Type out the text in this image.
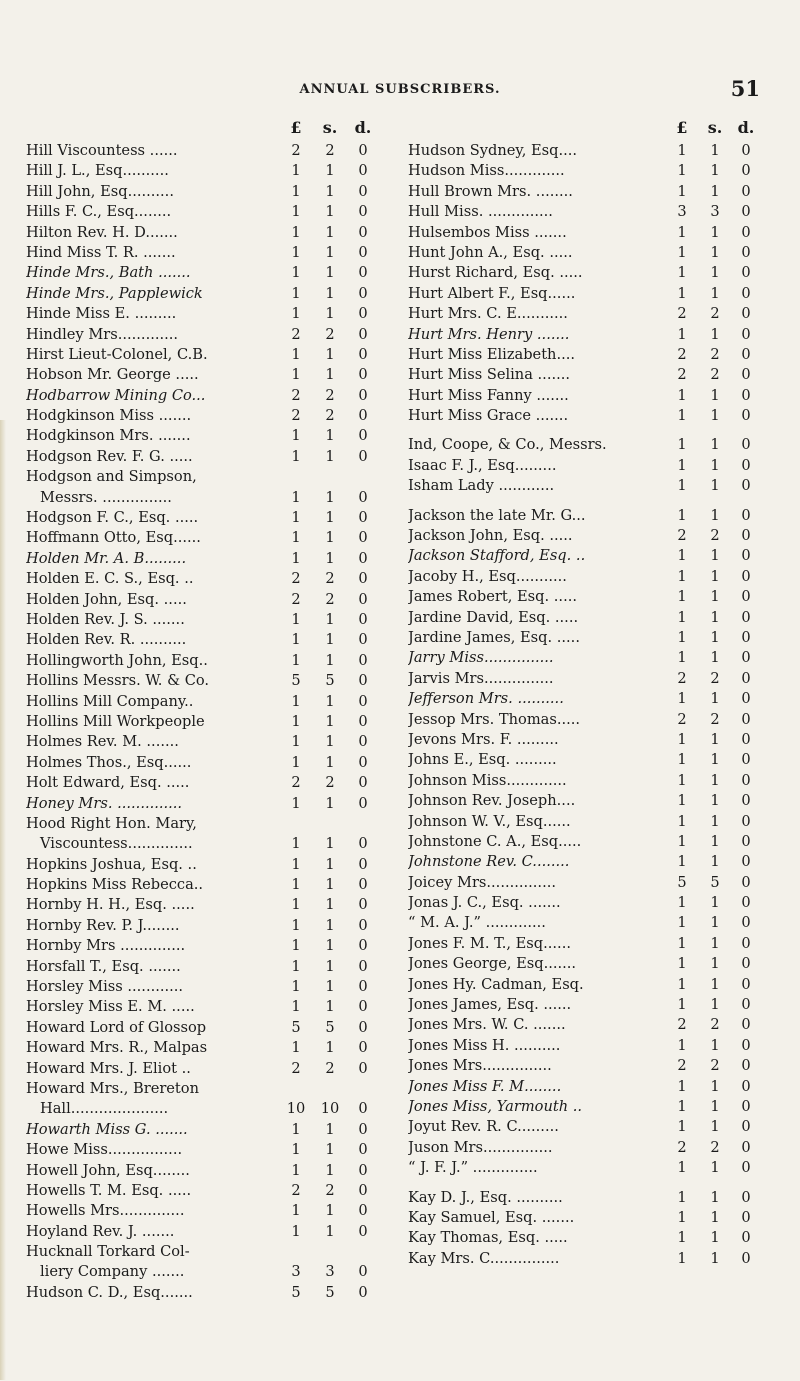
ANNUAL SUBSCRIBERS.	51
£	s.	d.
Hill Viscountess ......	2	2	0
Hill J. L., Esq..........	1	1	0
Hill John, Esq..........	1	1	0
Hills F. C., Esq........	1	1	0
Hilton Rev. H. D.......	1	1	0
Hind Miss T. R. .......	1	1	0
Hinde Mrs., Bath .......	1	1	0
Hinde Mrs., Papplewick	1	1	0
Hinde Miss E. .........	1	1	0
Hindley Mrs.............	2	2	0
Hirst Lieut-Colonel, C.B.	1	1	0
Hobson Mr. George .....	1	1	0
Hodbarrow Mining Co...	2	2	0
Hodgkinson Miss .......	2	2	0
Hodgkinson Mrs. .......	1	1	0
Hodgson Rev. F. G. .....	1	1	0
Hodgson and Simpson,
Messrs. ...............	1	1	0
Hodgson F. C., Esq. .....	1	1	0
Hoffmann Otto, Esq......	1	1	0
Holden Mr. A. B.........	1	1	0
Holden E. C. S., Esq. ..	2	2	0
Holden John, Esq. .....	2	2	0
Holden Rev. J. S. .......	1	1	0
Holden Rev. R. ..........	1	1	0
Hollingworth John, Esq..	1	1	0
Hollins Messrs. W. & Co.	5	5	0
Hollins Mill Company..	1	1	0
Hollins Mill Workpeople	1	1	0
Holmes Rev. M. .......	1	1	0
Holmes Thos., Esq......	1	1	0
Holt Edward, Esq. .....	2	2	0
Honey Mrs. ..............	1	1	0
Hood Right Hon. Mary,
Viscountess..............	1	1	0
Hopkins Joshua, Esq. ..	1	1	0
Hopkins Miss Rebecca..	1	1	0
Hornby H. H., Esq. .....	1	1	0
Hornby Rev. P. J........	1	1	0
Hornby Mrs ..............	1	1	0
Horsfall T., Esq. .......	1	1	0
Horsley Miss ............	1	1	0
Horsley Miss E. M. .....	1	1	0
Howard Lord of Glossop	5	5	0
Howard Mrs. R., Malpas	1	1	0
Howard Mrs. J. Eliot ..	2	2	0
Howard Mrs., Brereton
Hall.....................	10	10	0
Howarth Miss G. .......	1	1	0
Howe Miss................	1	1	0
Howell John, Esq........	1	1	0
Howells T. M. Esq. .....	2	2	0
Howells Mrs..............	1	1	0
Hoyland Rev. J. .......	1	1	0
Hucknall Torkard Col-
liery Company .......	3	3	0
Hudson C. D., Esq.......	5	5	0
£	s. d.
Hudson Sydney, Esq....	1	1	0
Hudson Miss.............	1	1	0
Hull Brown Mrs. ........	1	1	0
Hull Miss. ..............	3	3	0
Hulsembos Miss .......	1	1	0
Hunt John A., Esq. .....	1	1	0
Hurst Richard, Esq. .....	1	1	0
Hurt Albert F., Esq......	1	1	0
Hurt Mrs. C. E...........	2	2	0
Hurt Mrs. Henry .......	1	1	0
Hurt Miss Elizabeth....	2	2	0
Hurt Miss Selina .......	2	2	0
Hurt Miss Fanny .......	1	1	0
Hurt Miss Grace .......	1	1	0
Ind, Coope, & Co., Messrs.	1	1	0
Isaac F. J., Esq.........	1	1	0
Isham Lady ............	1	1	0
Jackson the late Mr. G...	1	1	0
Jackson John, Esq. .....	2	2	0
Jackson Stafford, Esq. ..	1	1	0
Jacoby H., Esq...........	1	1	0
James Robert, Esq. .....	1	1	0
Jardine David, Esq. .....	1	1	0
Jardine James, Esq. .....	1	1	0
Jarry Miss...............	1	1	0
Jarvis Mrs...............	2	2	0
Jefferson Mrs. ..........	1	1	0
Jessop Mrs. Thomas.....	2	2	0
Jevons Mrs. F. .........	1	1	0
Johns E., Esq. .........	1	1	0
Johnson Miss.............	1	1	0
Johnson Rev. Joseph....	1	1	0
Johnson W. V., Esq......	1	1	0
Johnstone C. A., Esq.....	1	1	0
Johnstone Rev. C........	1	1	0
Joicey Mrs...............	5	5	0
Jonas J. C., Esq. .......	1	1	0
“ M. A. J.” .............	1	1	0
Jones F. M. T., Esq......	1	1	0
Jones George, Esq.......	1	1	0
Jones Hy. Cadman, Esq.	1	1	0
Jones James, Esq. ......	1	1	0
Jones Mrs. W. C. .......	2	2	0
Jones Miss H. ..........	1	1	0
Jones Mrs...............	2	2	0
Jones Miss F. M........	1	1	0
Jones Miss, Yarmouth ..	1	1	0
Joyut Rev. R. C.........	1	1	0
Juson Mrs...............	2	2	0
“ J. F. J.” ..............	1	1	0
Kay D. J., Esq. ..........	1	1	0
Kay Samuel, Esq. .......	1	1	0
Kay Thomas, Esq. .....	1	1	0
Kay Mrs. C...............	1	1	0
